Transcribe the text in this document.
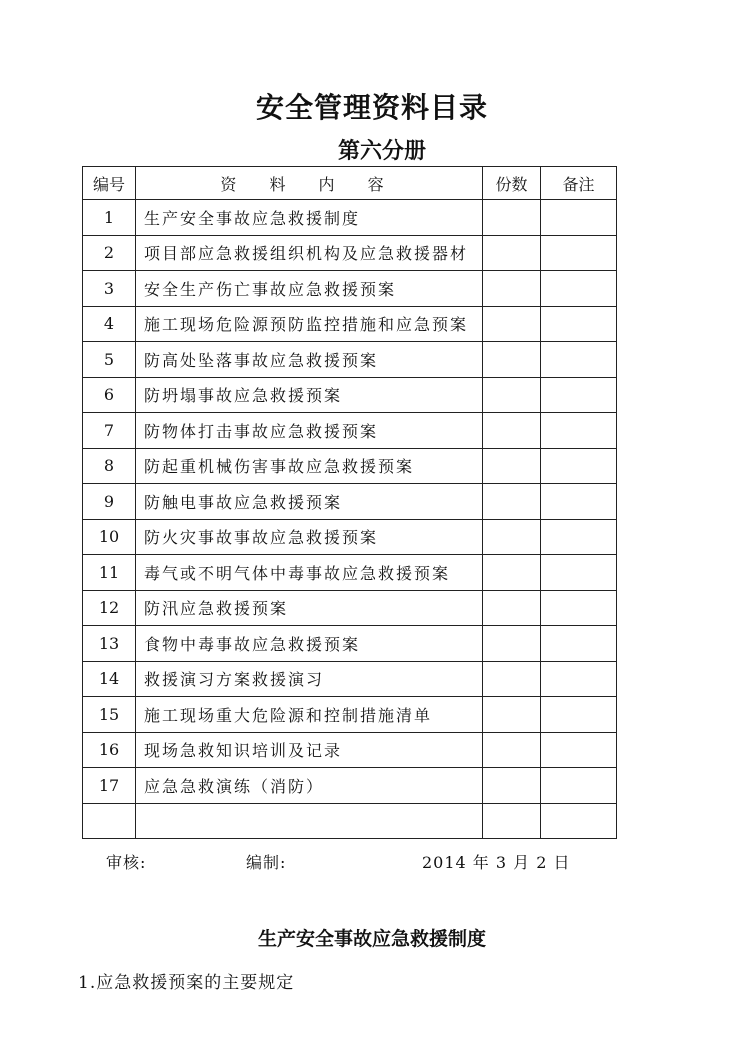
安全管理资料目录
第六分册
编号	资 料 内 容	份数	备注
1	生产安全事故应急救援制度		
2	项目部应急救援组织机构及应急救援器材		
3	安全生产伤亡事故应急救援预案		
4	施工现场危险源预防监控措施和应急预案		
5	防高处坠落事故应急救援预案		
6	防坍塌事故应急救援预案		
7	防物体打击事故应急救援预案		
8	防起重机械伤害事故应急救援预案		
9	防触电事故应急救援预案		
10	防火灾事故事故应急救援预案		
11	毒气或不明气体中毒事故应急救援预案		
12	防汛应急救援预案		
13	食物中毒事故应急救援预案		
14	救援演习方案救援演习		
15	施工现场重大危险源和控制措施清单		
16	现场急救知识培训及记录		
17	应急急救演练（消防）		

审核:	编制:	2014 年 3 月 2 日
生产安全事故应急救援制度
1.应急救援预案的主要规定
